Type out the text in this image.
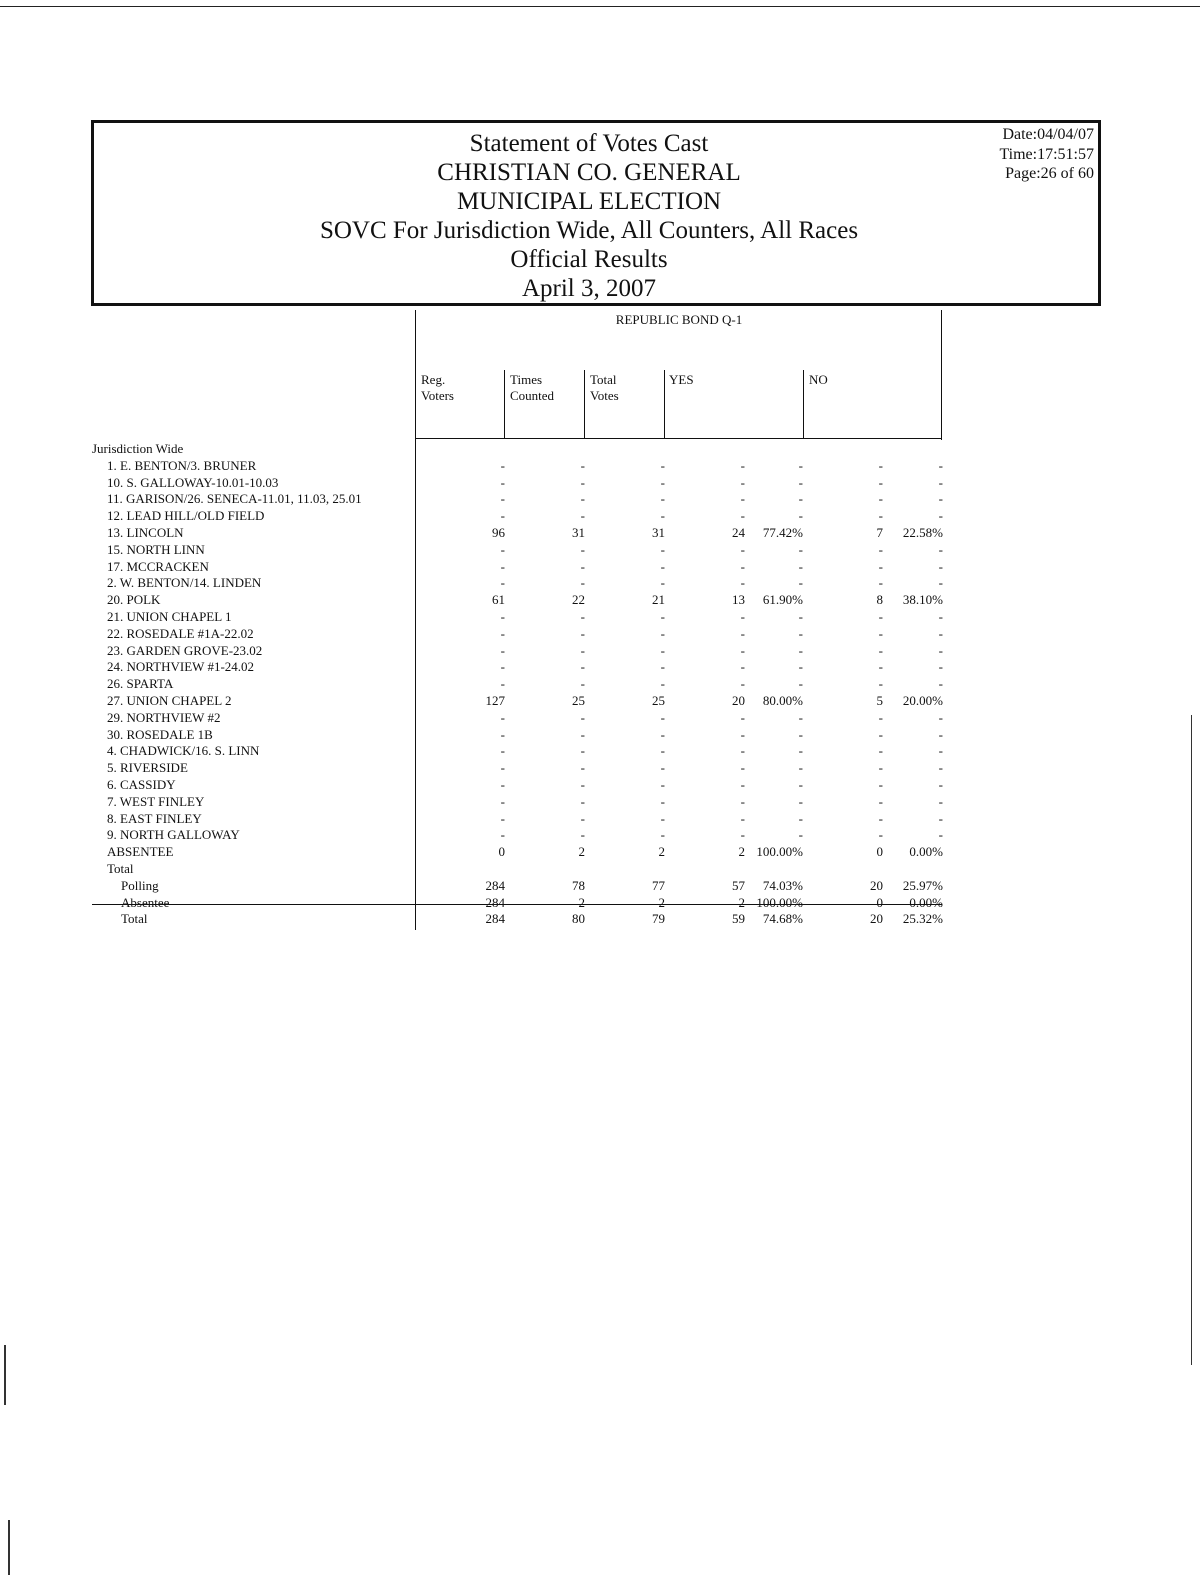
Statement of Votes Cast
CHRISTIAN CO. GENERAL
MUNICIPAL ELECTION
SOVC For Jurisdiction Wide, All Counters, All Races
Official Results
April 3, 2007
Date:04/04/07
Time:17:51:57
Page:26 of 60
REPUBLIC BOND Q-1
Reg. Voters
Times
Counted
Total Votes
YES	NO
Jurisdiction Wide
1. E. BENTON/3. BRUNER	-	-	-	-	-	-	-
10. S. GALLOWAY-10.01-10.03	-	-	-	-	-	-	-
11. GARISON/26. SENECA-11.01, 11.03, 25.01	-	-	-	-	-	-	-
12. LEAD HILL/OLD FIELD	-	-	-	-	-	-	-
13. LINCOLN	96	31	31	24 77.42%	7 22.58%
15. NORTH LINN	-	-	-	-	-	-	-
17. MCCRACKEN	-	-	-	-	-	-	-
2. W. BENTON/14. LINDEN	-	-	-	-	-	-	-
20. POLK	61	22	21	13 61.90%	8 38.10%
21. UNION CHAPEL 1	-	-	-	-	-	-	-
22. ROSEDALE #1A-22.02	-	-	-	-	-	-	-
23. GARDEN GROVE-23.02	-	-	-	-	-	-	-
24. NORTHVIEW #1-24.02	-	-	-	-	-	-	-
26. SPARTA	-	-	-	-	-	-	-
27. UNION CHAPEL 2	127	25	25	20 80.00%	5 20.00%
29. NORTHVIEW #2	-	-	-	-	-	-	-
30. ROSEDALE 1B	-	-	-	-	-	-	-
4. CHADWICK/16. S. LINN	-	-	-	-	-	-	-
5. RIVERSIDE	-	-	-	-	-	-	-
6. CASSIDY	-	-	-	-	-	-	-
7. WEST FINLEY	-	-	-	-	-	-	-
8. EAST FINLEY	-	-	-	-	-	-	-
9. NORTH GALLOWAY	-	-	-	-	-	-	-
ABSENTEE	0	2	2	2 100.00%	0 0.00%
Total
Polling	284	78	77	57 74.03%	20 25.97%
Absentee	284	2	2	2 100.00%	0 0.00%
Total	284	80	79	59 74.68%	20 25.32%
